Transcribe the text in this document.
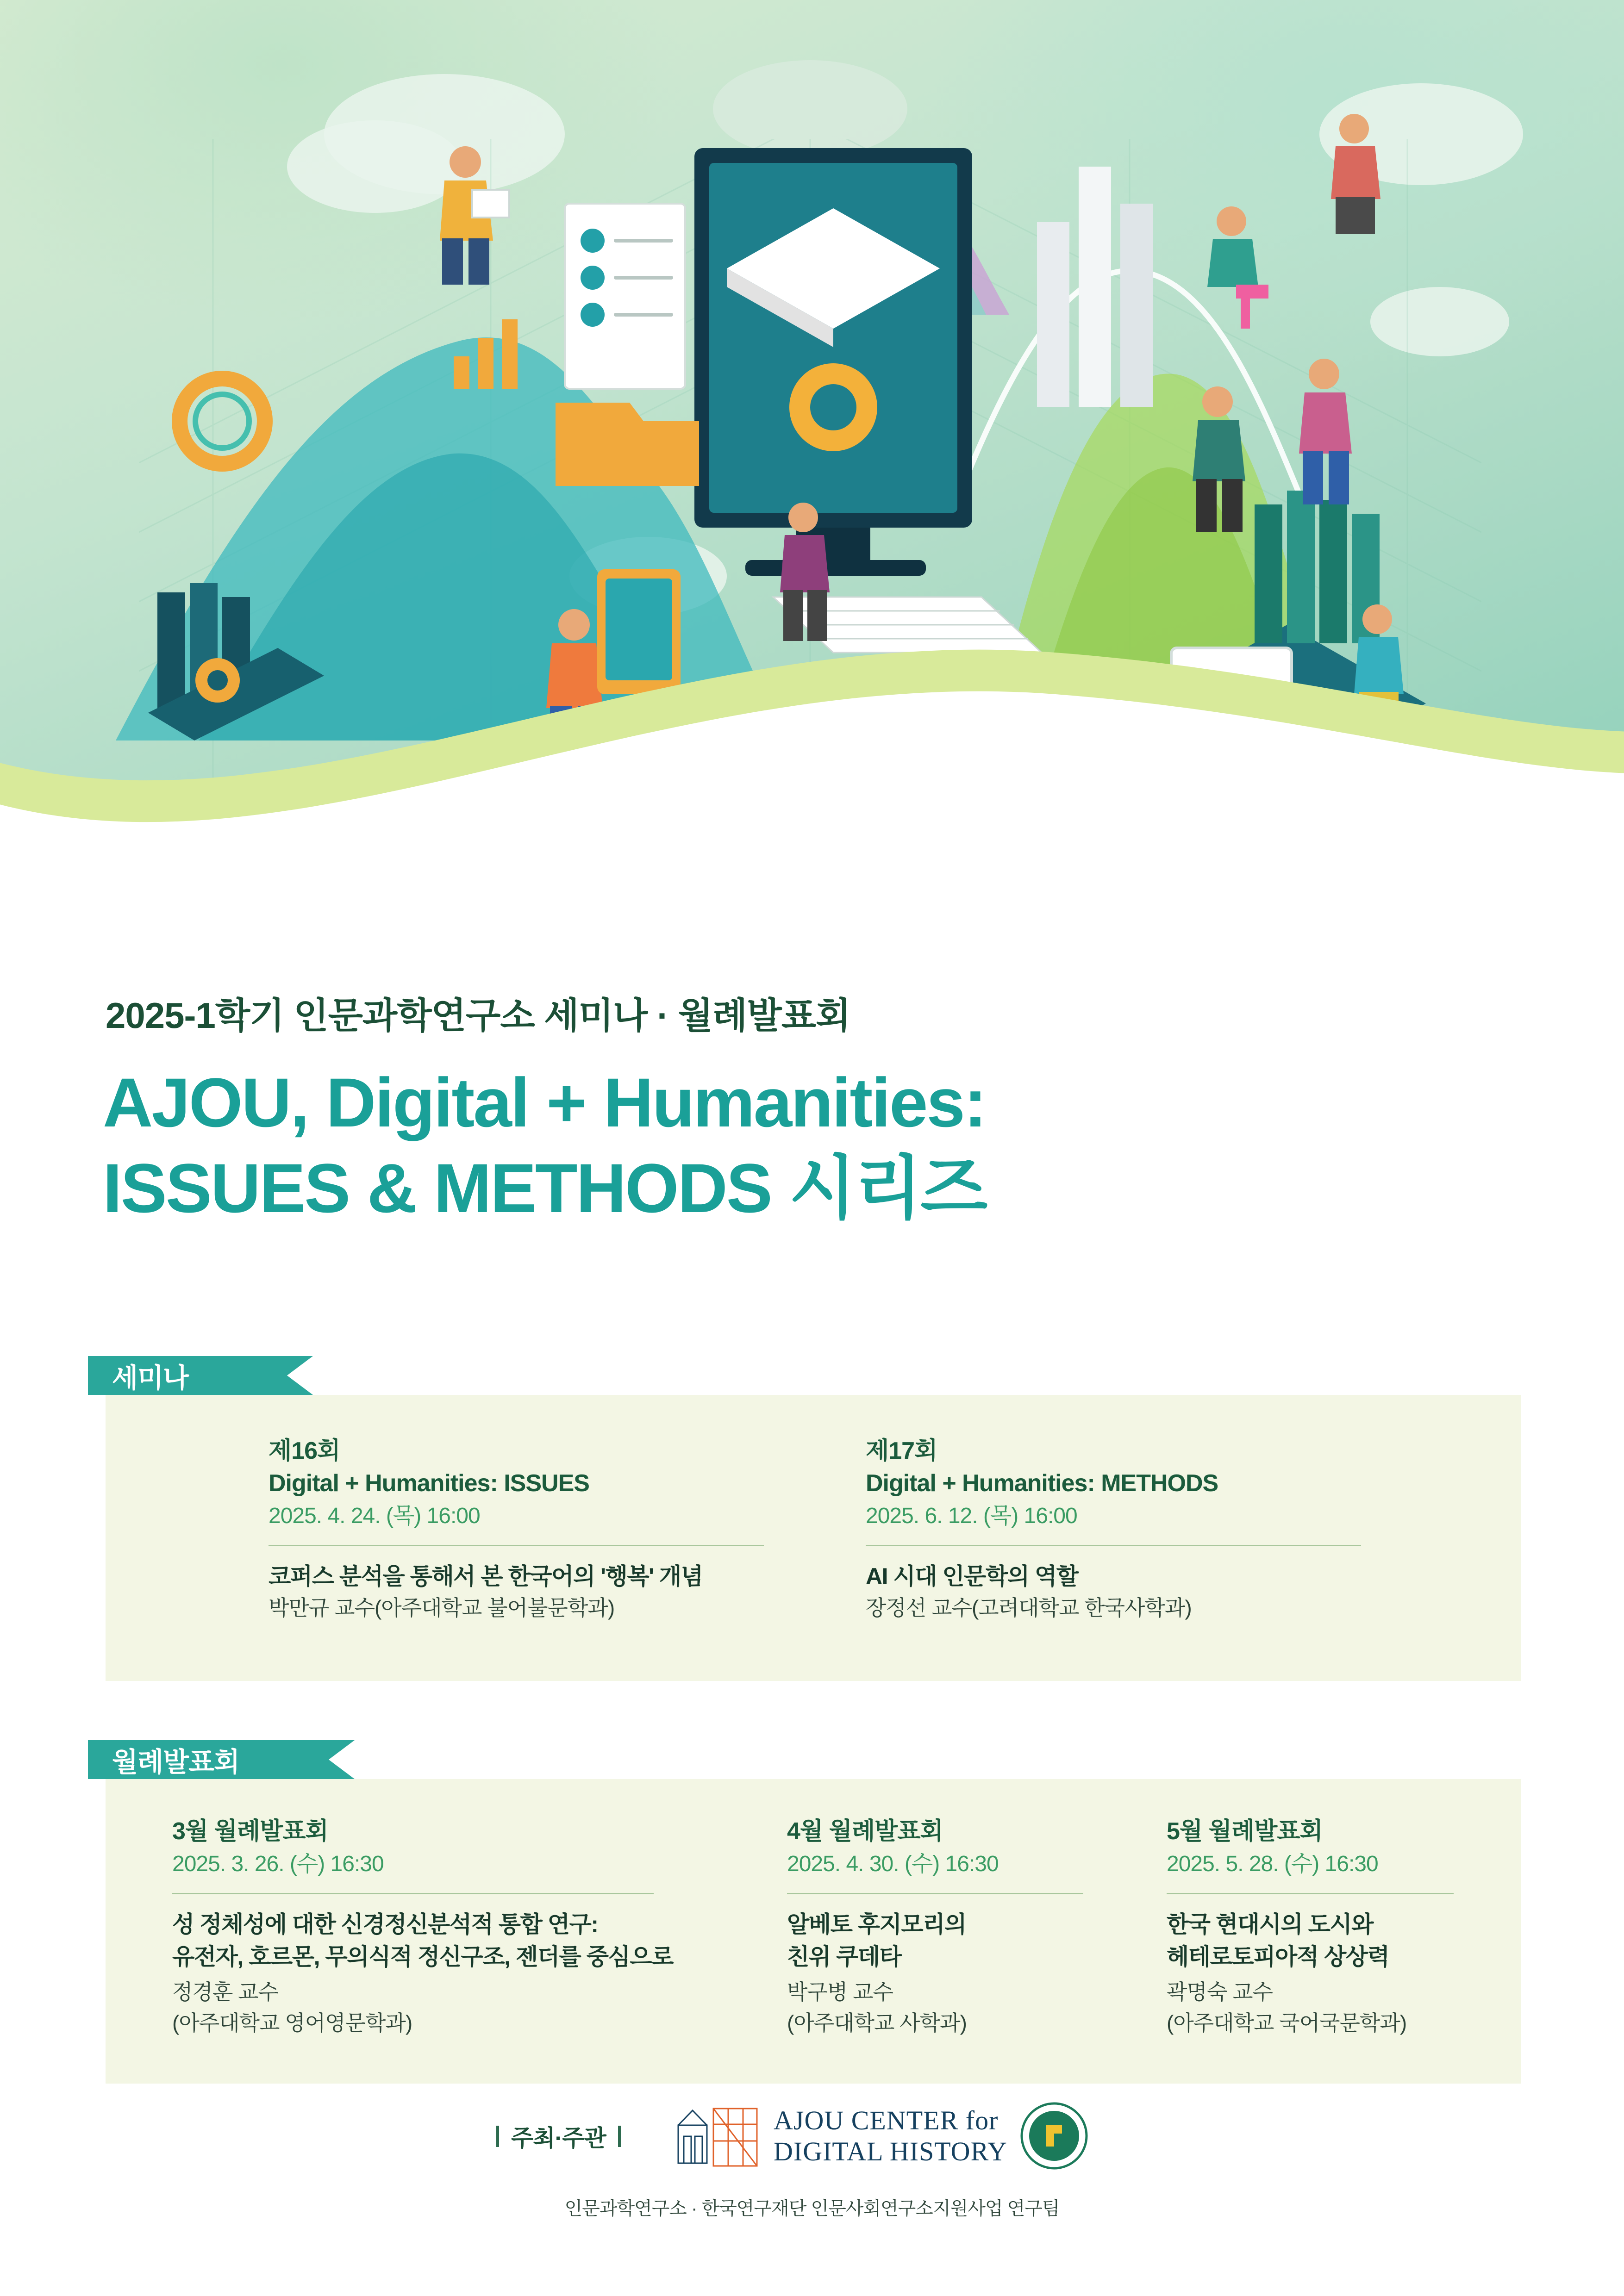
2025-1학기 인문과학연구소 세미나 · 월례발표회
AJOU, Digital + Humanities:
ISSUES & METHODS 시리즈
세미나
제16회
Digital + Humanities: ISSUES
2025. 4. 24. (목) 16:00
코퍼스 분석을 통해서 본 한국어의 '행복' 개념
박만규 교수(아주대학교 불어불문학과)
제17회
Digital + Humanities: METHODS
2025. 6. 12. (목) 16:00
AI 시대 인문학의 역할
장정선 교수(고려대학교 한국사학과)
월례발표회
3월 월례발표회
2025. 3. 26. (수) 16:30
성 정체성에 대한 신경정신분석적 통합 연구:
유전자, 호르몬, 무의식적 정신구조, 젠더를 중심으로
정경훈 교수
(아주대학교 영어영문학과)
4월 월례발표회
2025. 4. 30. (수) 16:30
알베토 후지모리의
친위 쿠데타
박구병 교수
(아주대학교 사학과)
5월 월례발표회
2025. 5. 28. (수) 16:30
한국 현대시의 도시와
헤테로토피아적 상상력
곽명숙 교수
(아주대학교 국어국문학과)
주최·주관
AJOU CENTER for
DIGITAL HISTORY
인문과학연구소 · 한국연구재단 인문사회연구소지원사업 연구팀
